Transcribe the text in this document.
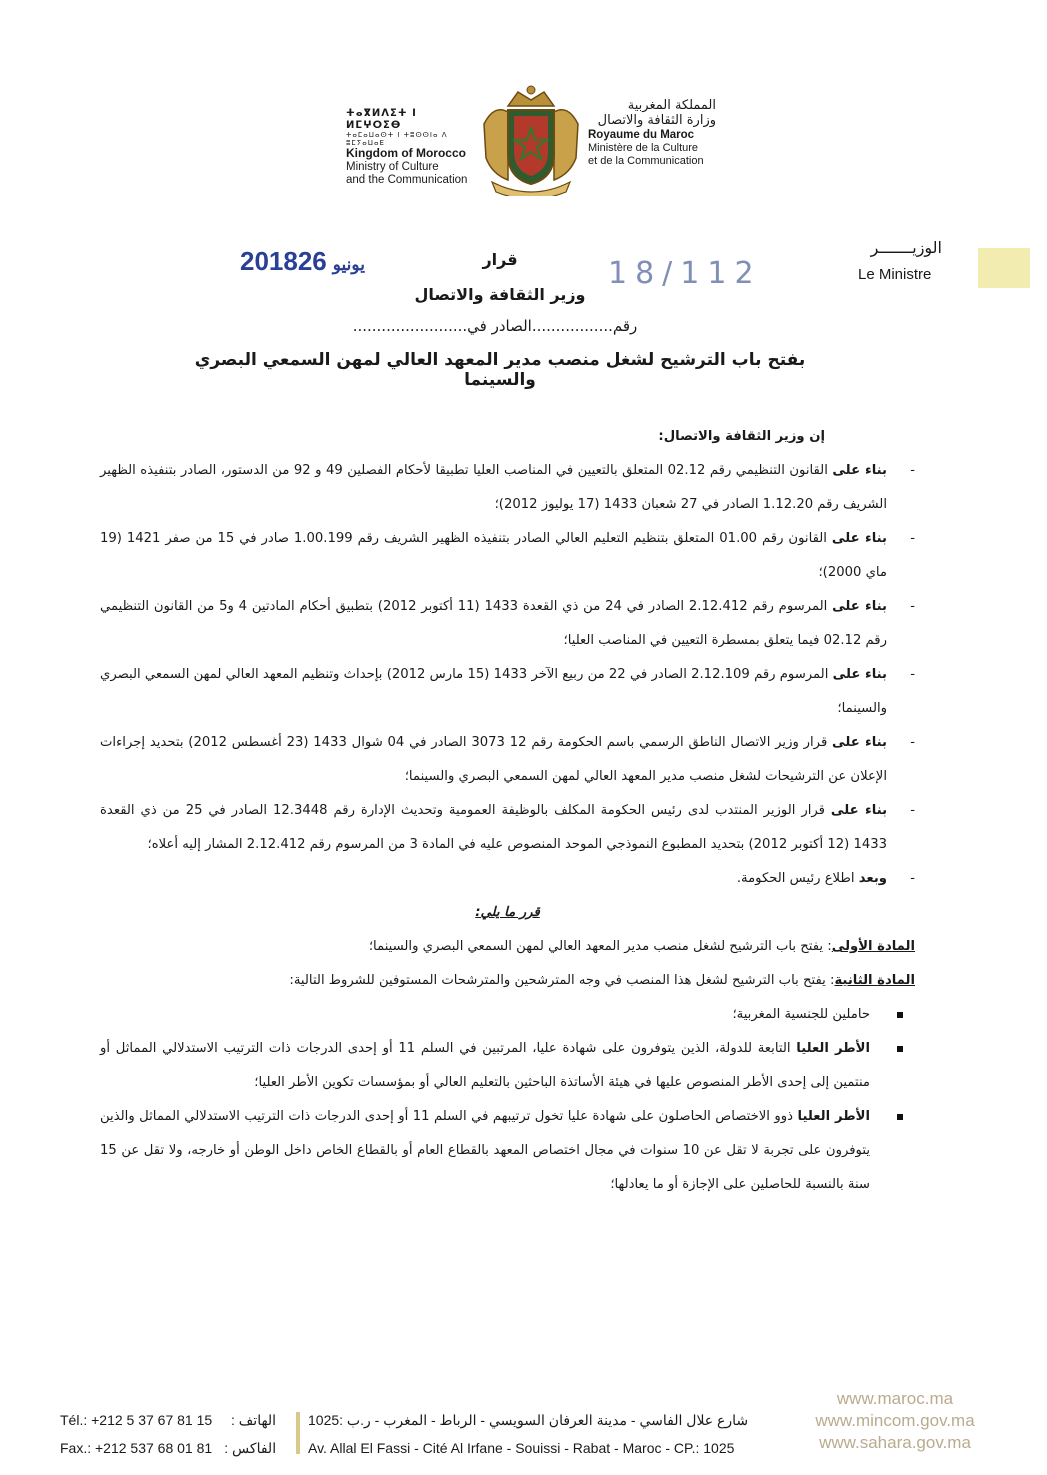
ⵜⴰⴳⵍⴷⵉⵜ ⵏ ⵍⵎⵖⵔⵉⴱ
ⵜⴰⵎⴰⵡⴰⵙⵜ ⵏ ⵜⵓⵙⵙⵏⴰ ⴷ ⵓⵎⵢⴰⵡⴰⴹ
Kingdom of Morocco
Ministry of Culture
and the Communication
المملكة المغربية
وزارة الثقافة والاتصال
Royaume du Maroc
Ministère de la Culture
et de la Communication
الوزيـــــــر
Le Ministre
2018 يونيو26	18/112
قرار
وزير الثقافة والاتصال
رقم.................الصادر في........................
بفتح باب الترشيح لشغل منصب مدير المعهد العالي لمهن السمعي البصري والسينما
إن وزير الثقافة والاتصال:
-
بناء على القانون التنظيمي رقم 02.12 المتعلق بالتعيين في المناصب العليا تطبيقا لأحكام الفصلين 49 و 92 من الدستور، الصادر بتنفيذه الظهير الشريف رقم 1.12.20 الصادر في 27 شعبان 1433 (17 يوليوز 2012)؛
-
بناء على القانون رقم 01.00 المتعلق بتنظيم التعليم العالي الصادر بتنفيذه الظهير الشريف رقم 1.00.199 صادر في 15 من صفر 1421 (19 ماي 2000)؛
-
بناء على المرسوم رقم 2.12.412 الصادر في 24 من ذي القعدة 1433 (11 أكتوبر 2012) بتطبيق أحكام المادتين 4 و5 من القانون التنظيمي رقم 02.12 فيما يتعلق بمسطرة التعيين في المناصب العليا؛
-
بناء على المرسوم رقم 2.12.109 الصادر في 22 من ربيع الآخر 1433 (15 مارس 2012) بإحداث وتنظيم المعهد العالي لمهن السمعي البصري والسينما؛
-
بناء على قرار وزير الاتصال الناطق الرسمي باسم الحكومة رقم 12 3073 الصادر في 04 شوال 1433 (23 أغسطس 2012) بتحديد إجراءات الإعلان عن الترشيحات لشغل منصب مدير المعهد العالي لمهن السمعي البصري والسينما؛
-
بناء على قرار الوزير المنتدب لدى رئيس الحكومة المكلف بالوظيفة العمومية وتحديث الإدارة رقم 12.3448 الصادر في 25 من ذي القعدة 1433 (12 أكتوبر 2012) بتحديد المطبوع النموذجي الموحد المنصوص عليه في المادة 3 من المرسوم رقم 2.12.412 المشار إليه أعلاه؛
-
وبعد اطلاع رئيس الحكومة.
قرر ما يلي:
المادة الأولى: يفتح باب الترشيح لشغل منصب مدير المعهد العالي لمهن السمعي البصري والسينما؛
المادة الثانية: يفتح باب الترشيح لشغل هذا المنصب في وجه المترشحين والمترشحات المستوفين للشروط التالية:
حاملين للجنسية المغربية؛
الأطر العليا التابعة للدولة، الذين يتوفرون على شهادة عليا، المرتبين في السلم 11 أو إحدى الدرجات ذات الترتيب الاستدلالي المماثل أو منتمين إلى إحدى الأطر المنصوص عليها في هيئة الأساتذة الباحثين بالتعليم العالي أو بمؤسسات تكوين الأطر العليا؛
الأطر العليا ذوو الاختصاص الحاصلون على شهادة عليا تخول ترتيبهم في السلم 11 أو إحدى الدرجات ذات الترتيب الاستدلالي المماثل والذين يتوفرون على تجربة لا تقل عن 10 سنوات في مجال اختصاص المعهد بالقطاع العام أو بالقطاع الخاص داخل الوطن أو خارجه، ولا تقل عن 15 سنة بالنسبة للحاصلين على الإجازة أو ما يعادلها؛
Tél.: +212 5 37 67 81 15 الهاتف :
Fax.: +212 537 68 01 81 الفاكس :
شارع علال الفاسي - مدينة العرفان السويسي - الرباط - المغرب - ر.ب :1025
Av. Allal El Fassi - Cité Al Irfane - Souissi - Rabat - Maroc - CP.: 1025
www.maroc.ma
www.mincom.gov.ma
www.sahara.gov.ma
